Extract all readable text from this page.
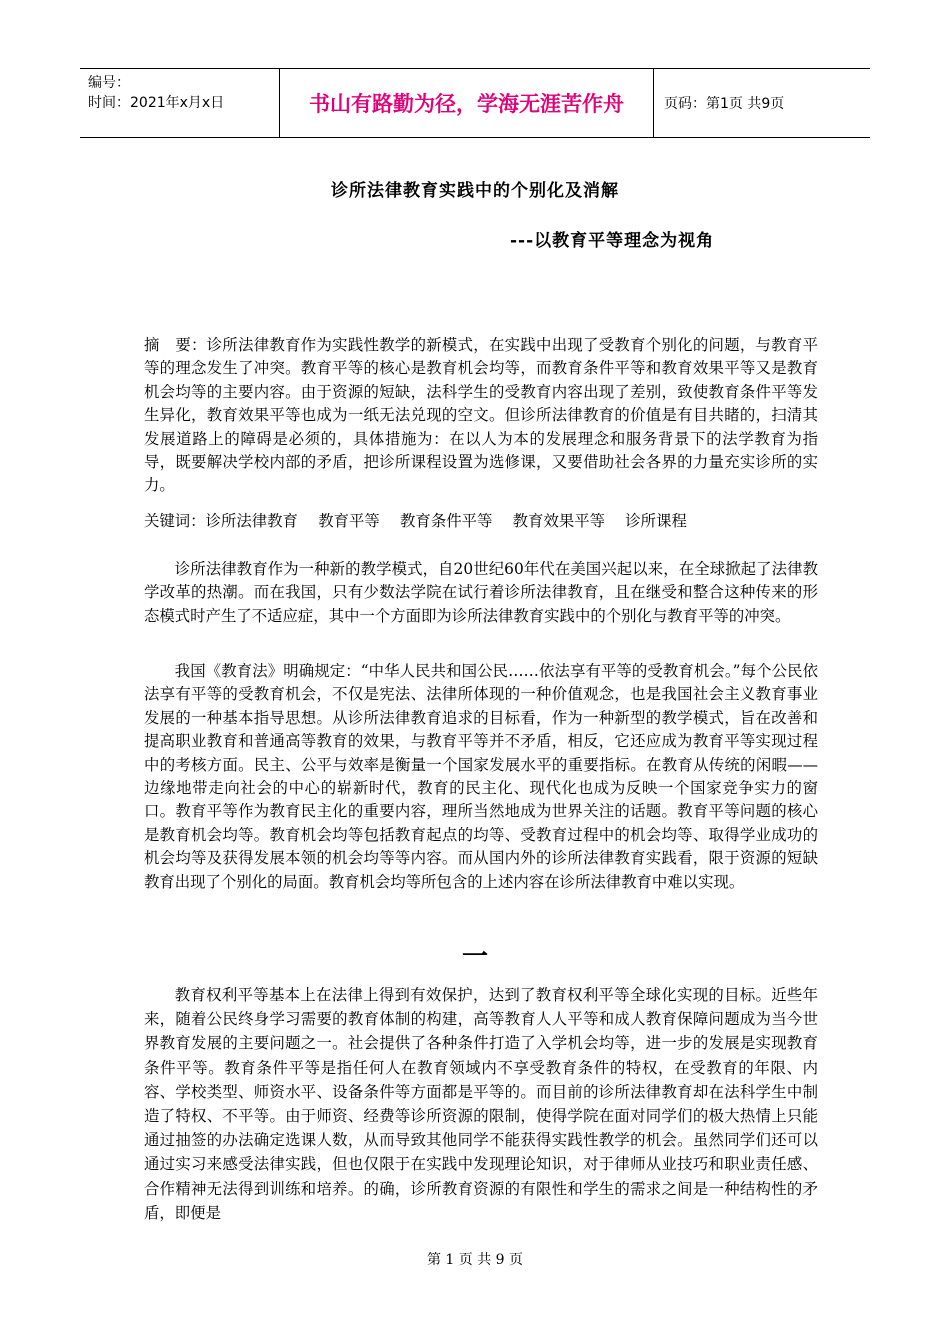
编号：
时间：2021年x月x日	书山有路勤为径，学海无涯苦作舟	页码：第1页 共9页
诊所法律教育实践中的个别化及消解
---以教育平等理念为视角
摘　要：诊所法律教育作为实践性教学的新模式，在实践中出现了受教育个别化的问题，与教育平等的理念发生了冲突。教育平等的核心是教育机会均等，而教育条件平等和教育效果平等又是教育机会均等的主要内容。由于资源的短缺，法科学生的受教育内容出现了差别，致使教育条件平等发生异化，教育效果平等也成为一纸无法兑现的空文。但诊所法律教育的价值是有目共睹的，扫清其发展道路上的障碍是必须的，具体措施为：在以人为本的发展理念和服务背景下的法学教育为指导，既要解决学校内部的矛盾，把诊所课程设置为选修课，又要借助社会各界的力量充实诊所的实力。
关键词：诊所法律教育　 教育平等　 教育条件平等　 教育效果平等　 诊所课程
诊所法律教育作为一种新的教学模式，自20世纪60年代在美国兴起以来，在全球掀起了法律教学改革的热潮。而在我国，只有少数法学院在试行着诊所法律教育，且在继受和整合这种传来的形态模式时产生了不适应症，其中一个方面即为诊所法律教育实践中的个别化与教育平等的冲突。
我国《教育法》明确规定：“中华人民共和国公民……依法享有平等的受教育机会。”每个公民依法享有平等的受教育机会，不仅是宪法、法律所体现的一种价值观念，也是我国社会主义教育事业发展的一种基本指导思想。从诊所法律教育追求的目标看，作为一种新型的教学模式，旨在改善和提高职业教育和普通高等教育的效果，与教育平等并不矛盾，相反，它还应成为教育平等实现过程中的考核方面。民主、公平与效率是衡量一个国家发展水平的重要指标。在教育从传统的闲暇——边缘地带走向社会的中心的崭新时代，教育的民主化、现代化也成为反映一个国家竞争实力的窗口。教育平等作为教育民主化的重要内容，理所当然地成为世界关注的话题。教育平等问题的核心是教育机会均等。教育机会均等包括教育起点的均等、受教育过程中的机会均等、取得学业成功的机会均等及获得发展本领的机会均等等内容。而从国内外的诊所法律教育实践看，限于资源的短缺教育出现了个别化的局面。教育机会均等所包含的上述内容在诊所法律教育中难以实现。
一
教育权利平等基本上在法律上得到有效保护，达到了教育权利平等全球化实现的目标。近些年来，随着公民终身学习需要的教育体制的构建，高等教育人人平等和成人教育保障问题成为当今世界教育发展的主要问题之一。社会提供了各种条件打造了入学机会均等，进一步的发展是实现教育条件平等。教育条件平等是指任何人在教育领域内不享受教育条件的特权，在受教育的年限、内容、学校类型、师资水平、设备条件等方面都是平等的。而目前的诊所法律教育却在法科学生中制造了特权、不平等。由于师资、经费等诊所资源的限制，使得学院在面对同学们的极大热情上只能通过抽签的办法确定选课人数，从而导致其他同学不能获得实践性教学的机会。虽然同学们还可以通过实习来感受法律实践，但也仅限于在实践中发现理论知识，对于律师从业技巧和职业责任感、合作精神无法得到训练和培养。的确，诊所教育资源的有限性和学生的需求之间是一种结构性的矛盾，即便是
第 1 页 共 9 页
